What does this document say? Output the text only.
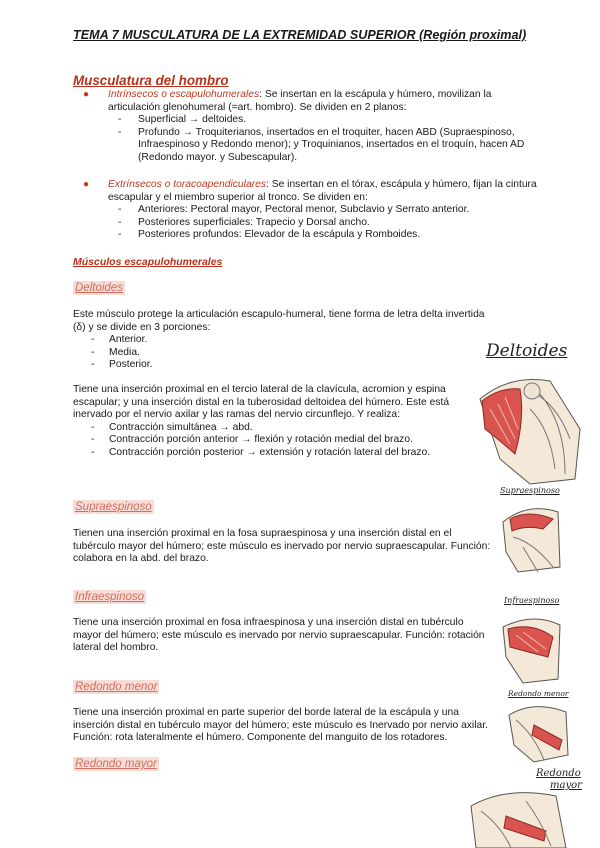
TEMA 7 MUSCULATURA DE LA EXTREMIDAD SUPERIOR (Región proximal)
Musculatura del hombro
● Intrínsecos o escapulohumerales: Se insertan en la escápula y húmero, movilizan la articulación glenohumeral (=art. hombro). Se dividen en 2 planos:
- Superficial → deltoides.
- Profundo → Troquiterianos, insertados en el troquiter, hacen ABD (Supraespinoso, Infraespinoso y Redondo menor); y Troquinianos, insertados en el troquín, hacen AD (Redondo mayor. y Subescapular).
● Extrínsecos o toracoapendiculares: Se insertan en el tórax, escápula y húmero, fijan la cintura escapular y el miembro superior al tronco. Se dividen en:
- Anteriores: Pectoral mayor, Pectoral menor, Subclavio y Serrato anterior.
- Posteriores superficiales: Trapecio y Dorsal ancho.
- Posteriores profundos: Elevador de la escápula y Romboides.
Músculos escapulohumerales
Deltoides
Este músculo protege la articulación escapulo-humeral, tiene forma de letra delta invertida (δ) y se divide en 3 porciones:
- Anterior.
- Media.
- Posterior.
Tiene una inserción proximal en el tercio lateral de la clavícula, acromion y espina escapular; y una inserción distal en la tuberosidad deltoidea del húmero. Este está inervado por el nervio axilar y las ramas del nervio circunflejo. Y realiza:
- Contracción simultánea → abd.
- Contracción porción anterior → flexión y rotación medial del brazo.
- Contracción porción posterior → extensión y rotación lateral del brazo.
Supraespinoso
Tienen una inserción proximal en la fosa supraespinosa y una inserción distal en el tubérculo mayor del húmero; este músculo es inervado por nervio supraescapular. Función: colabora en la abd. del brazo.
Infraespinoso
Tiene una inserción proximal en fosa infraespinosa y una inserción distal en tubérculo mayor del húmero; este músculo es inervado por nervio supraescapular. Función: rotación lateral del hombro.
Redondo menor
Tiene una inserción proximal en parte superior del borde lateral de la escápula y una inserción distal en tubérculo mayor del húmero; este músculo es Inervado por nervio axilar. Función: rota lateralmente el húmero. Componente del manguito de los rotadores.
Redondo mayor
Deltoides
Supraespinoso
Infraespinoso
Redondo menor
Redondo
mayor
